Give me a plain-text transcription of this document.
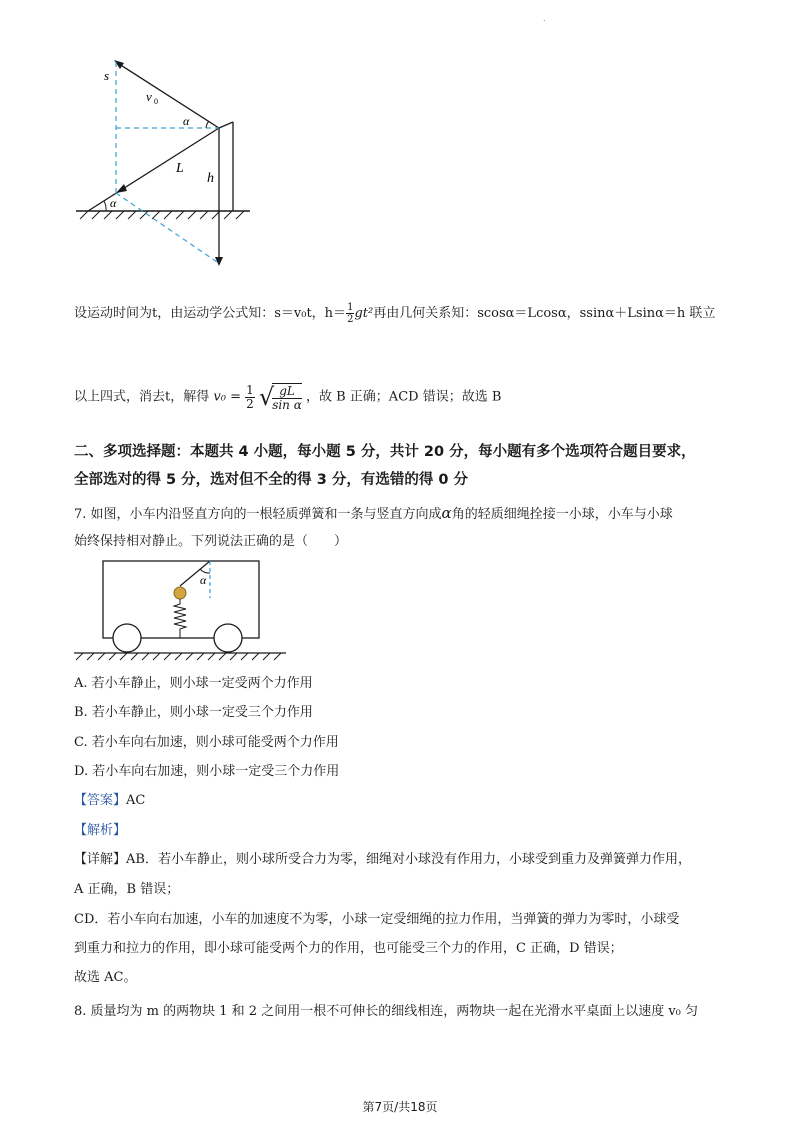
.
s
v 0
α
L
h
α
设运动时间为t，由运动学公式知：s＝v₀t，$h= \frac{1}{2} gt^2$再由几何关系知：scosα＝Lcosα，ssinα＋Lsinα＝h 联立
以上四式，消去t，解得 $v_0 = \frac{1}{2}$ √
$\frac{gL}{\text{sin α}}$ ，故 B 正确；ACD 错误；故选 B
二、多项选择题：本题共 4 小题，每小题 5 分，共计 20 分，每小题有多个选项符合题目要求，
全部选对的得 5 分，选对但不全的得 3 分，有选错的得 0 分
7. 如图，小车内沿竖直方向的一根轻质弹簧和一条与竖直方向成α角的轻质细绳拴接一小球，小车与小球
始终保持相对静止。下列说法正确的是（　　）
α
A. 若小车静止，则小球一定受两个力作用
B. 若小车静止，则小球一定受三个力作用
C. 若小车向右加速，则小球可能受两个力作用
D. 若小车向右加速，则小球一定受三个力作用
【答案】AC
【解析】
【详解】AB．若小车静止，则小球所受合力为零，细绳对小球没有作用力，小球受到重力及弹簧弹力作用，
A 正确，B 错误；
CD．若小车向右加速，小车的加速度不为零，小球一定受细绳的拉力作用，当弹簧的弹力为零时，小球受
到重力和拉力的作用，即小球可能受两个力的作用，也可能受三个力的作用，C 正确，D 错误；
故选 AC。
8. 质量均为 m 的两物块 1 和 2 之间用一根不可伸长的细线相连，两物块一起在光滑水平桌面上以速度 v₀ 匀
第7页/共18页
